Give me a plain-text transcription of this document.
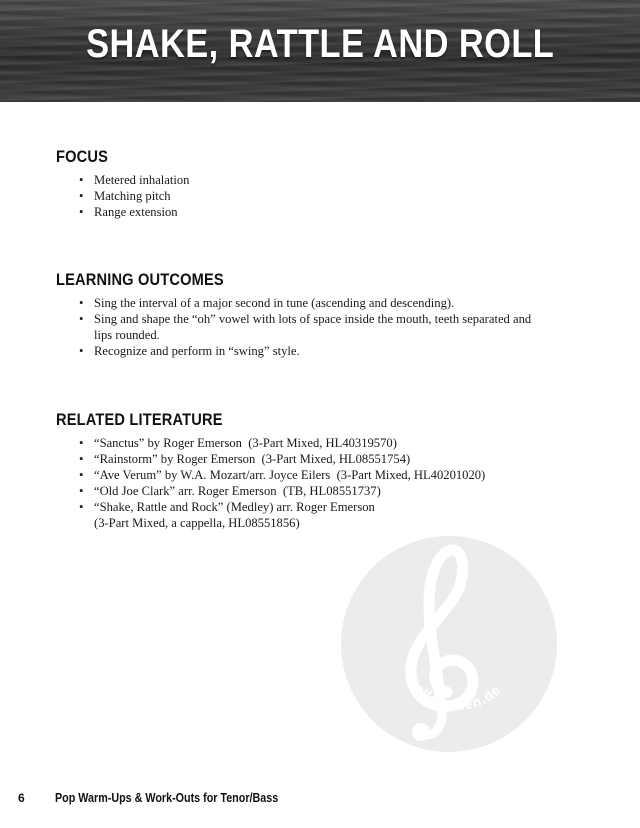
SHAKE, RATTLE AND ROLL
FOCUS
• Metered inhalation
• Matching pitch
• Range extension
LEARNING OUTCOMES
• Sing the interval of a major second in tune (ascending and descending).
• Sing and shape the “oh” vowel with lots of space inside the mouth, teeth separated and lips rounded.
• Recognize and perform in “swing” style.
RELATED LITERATURE
• “Sanctus” by Roger Emerson  (3-Part Mixed, HL40319570)
• “Rainstorm” by Roger Emerson  (3-Part Mixed, HL08551754)
• “Ave Verum” by W.A. Mozart/arr. Joyce Eilers  (3-Part Mixed, HL40201020)
• “Old Joe Clark” arr. Roger Emerson  (TB, HL08551737)
• “Shake, Rattle and Rock” (Medley) arr. Roger Emerson
(3-Part Mixed, a cappella, HL08551856)
alle-noten.de
6 Pop Warm-Ups & Work-Outs for Tenor/Bass
